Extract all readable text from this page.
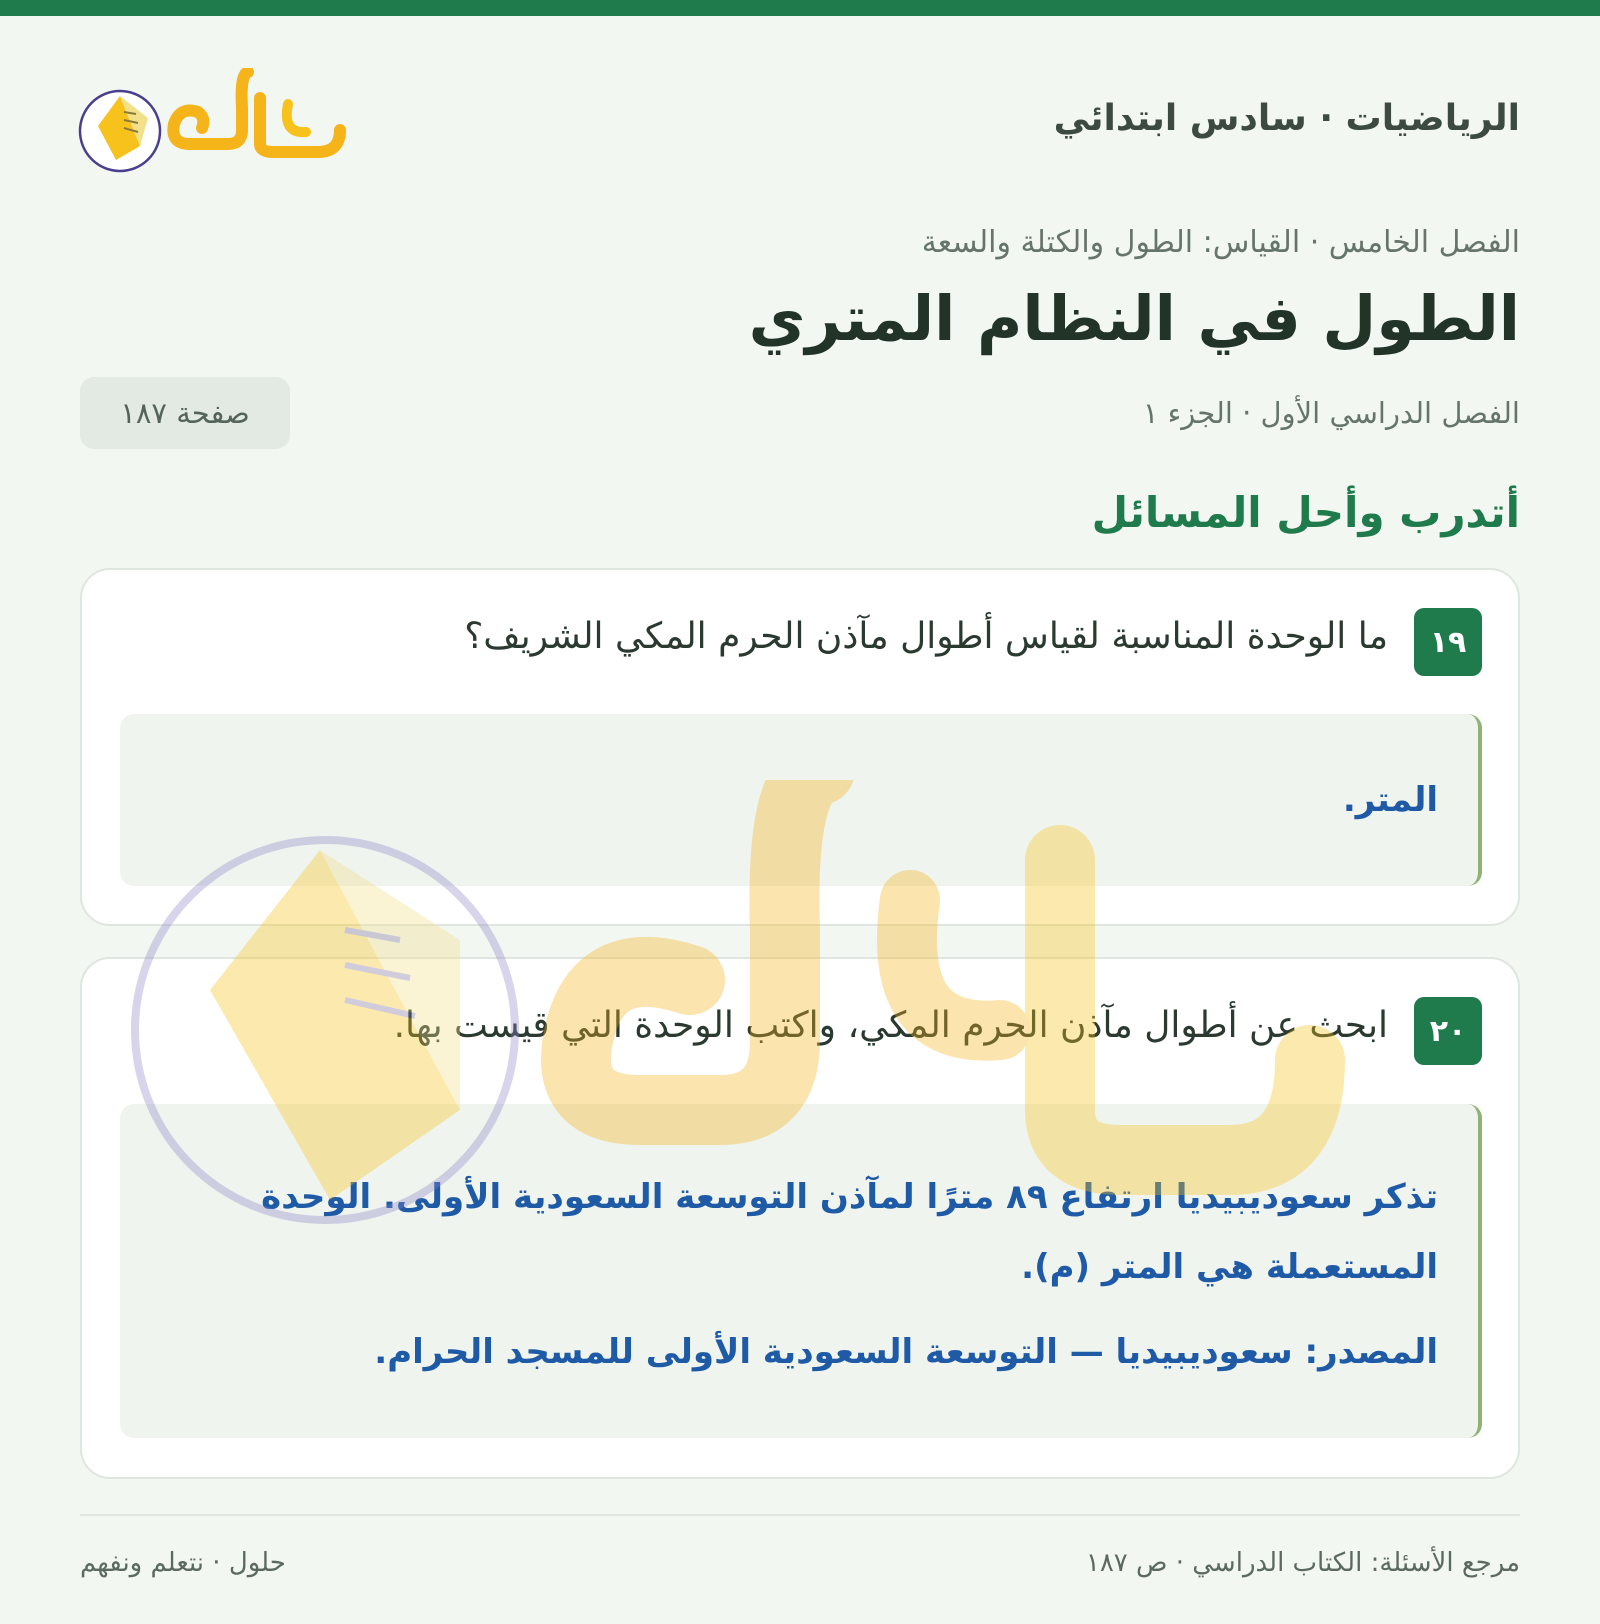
الرياضيات · سادس ابتدائي
الفصل الخامس · القياس: الطول والكتلة والسعة
الطول في النظام المتري
الفصل الدراسي الأول · الجزء ١
صفحة ١٨٧
أتدرب وأحل المسائل
١٩
ما الوحدة المناسبة لقياس أطوال مآذن الحرم المكي الشريف؟
المتر.
٢٠
ابحث عن أطوال مآذن الحرم المكي، واكتب الوحدة التي قيست بها.
تذكر سعوديبيديا ارتفاع ٨٩ مترًا لمآذن التوسعة السعودية الأولى. الوحدة المستعملة هي المتر (م).
المصدر: سعوديبيديا — التوسعة السعودية الأولى للمسجد الحرام.
مرجع الأسئلة: الكتاب الدراسي · ص ١٨٧
حلول · نتعلم ونفهم
